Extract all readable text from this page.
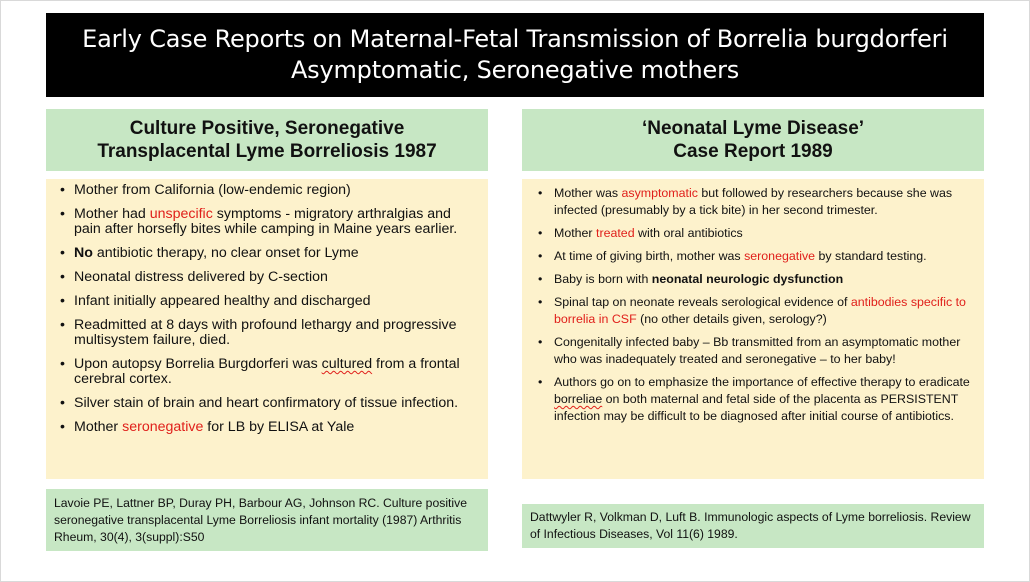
Early Case Reports on Maternal-Fetal Transmission of Borrelia burgdorferi
Asymptomatic, Seronegative mothers
Culture Positive, Seronegative
Transplacental Lyme Borreliosis 1987
• Mother from California (low-endemic region)
• Mother had unspecific symptoms - migratory arthralgias and pain after horsefly bites while camping in Maine years earlier.
• No antibiotic therapy, no clear onset for Lyme
• Neonatal distress delivered by C-section
• Infant initially appeared healthy and discharged
• Readmitted at 8 days with profound lethargy and progressive multisystem failure, died.
• Upon autopsy Borrelia Burgdorferi was cultured from a frontal cerebral cortex.
• Silver stain of brain and heart confirmatory of tissue infection.
• Mother seronegative for LB by ELISA at Yale
Lavoie PE, Lattner BP, Duray PH, Barbour AG, Johnson RC. Culture positive seronegative transplacental Lyme Borreliosis infant mortality (1987) Arthritis Rheum, 30(4), 3(suppl):S50
‘Neonatal Lyme Disease’
Case Report 1989
• Mother was asymptomatic but followed by researchers because she was infected (presumably by a tick bite) in her second trimester.
• Mother treated with oral antibiotics
• At time of giving birth, mother was seronegative by standard testing.
• Baby is born with neonatal neurologic dysfunction
• Spinal tap on neonate reveals serological evidence of antibodies specific to borrelia in CSF (no other details given, serology?)
• Congenitally infected baby – Bb transmitted from an asymptomatic mother who was inadequately treated and seronegative – to her baby!
• Authors go on to emphasize the importance of effective therapy to eradicate borreliae on both maternal and fetal side of the placenta as PERSISTENT infection may be difficult to be diagnosed after initial course of antibiotics.
Dattwyler R, Volkman D, Luft B. Immunologic aspects of Lyme borreliosis. Review of Infectious Diseases, Vol 11(6) 1989.
